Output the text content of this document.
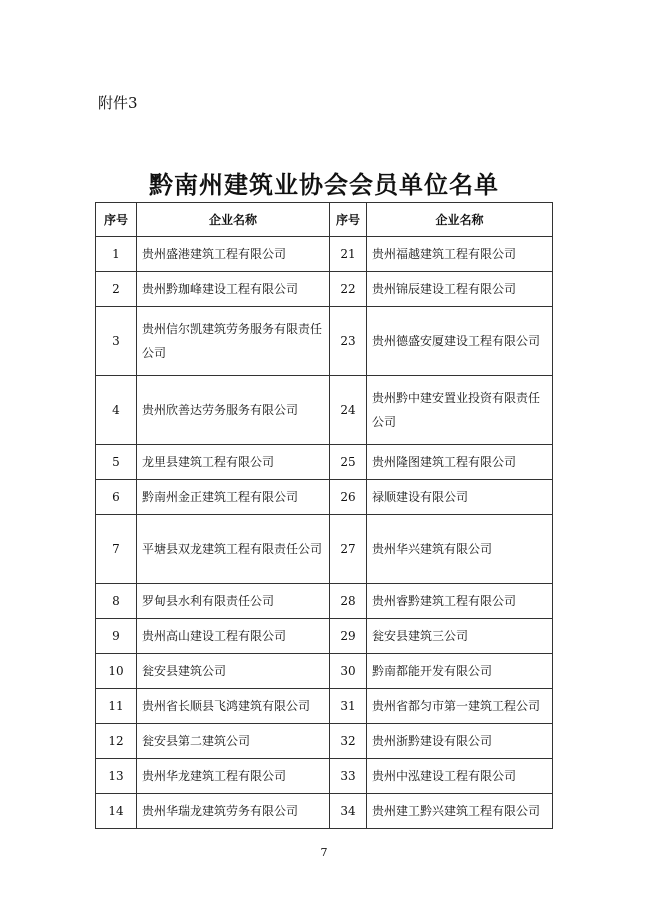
附件3
黔南州建筑业协会会员单位名单
序号	企业名称	序号	企业名称
1	贵州盛港建筑工程有限公司	21	贵州福越建筑工程有限公司
2	贵州黔珈峰建设工程有限公司	22	贵州锦辰建设工程有限公司
3	贵州信尔凯建筑劳务服务有限责任公司	23	贵州德盛安厦建设工程有限公司
4	贵州欣善达劳务服务有限公司	24	贵州黔中建安置业投资有限责任公司
5	龙里县建筑工程有限公司	25	贵州隆图建筑工程有限公司
6	黔南州金正建筑工程有限公司	26	禄顺建设有限公司
7	平塘县双龙建筑工程有限责任公司	27	贵州华兴建筑有限公司
8	罗甸县水利有限责任公司	28	贵州睿黔建筑工程有限公司
9	贵州高山建设工程有限公司	29	瓮安县建筑三公司
10	瓮安县建筑公司	30	黔南都能开发有限公司
11	贵州省长顺县飞鸿建筑有限公司	31	贵州省都匀市第一建筑工程公司
12	瓮安县第二建筑公司	32	贵州浙黔建设有限公司
13	贵州华龙建筑工程有限公司	33	贵州中泓建设工程有限公司
14	贵州华瑞龙建筑劳务有限公司	34	贵州建工黔兴建筑工程有限公司
7
